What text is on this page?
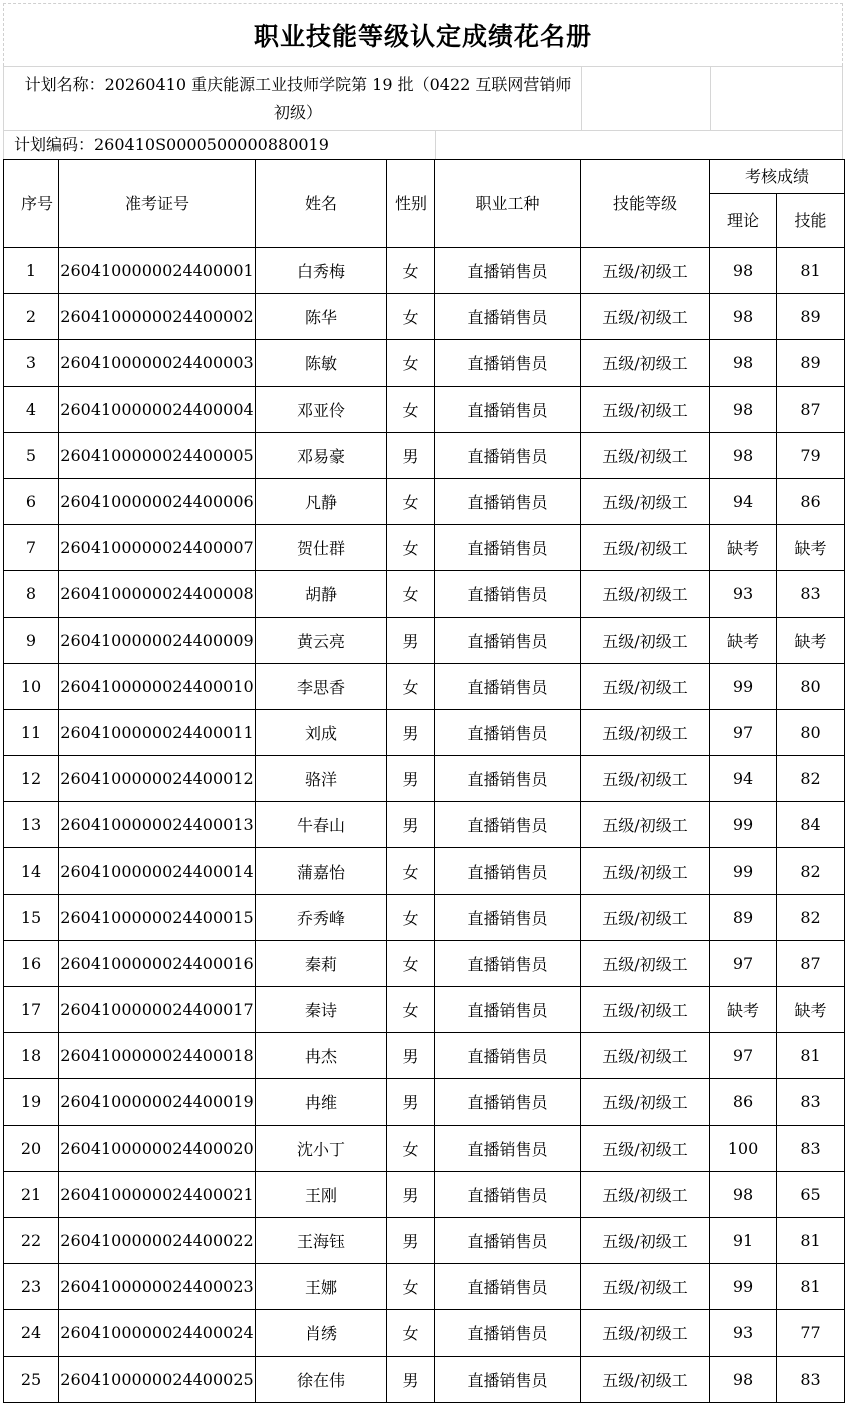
职业技能等级认定成绩花名册
计划名称：20260410 重庆能源工业技师学院第 19 批（0422 互联网营销师初级）
计划编码：260410S000050000088001​9
序号	准考证号	姓名	性别	职业工种	技能等级	考核成绩	
						理论	技能
1	2604100000024400001	白秀梅	女	直播销售员	五级/初级工	98	81
2	2604100000024400002	陈华	女	直播销售员	五级/初级工	98	89
3	2604100000024400003	陈敏	女	直播销售员	五级/初级工	98	89
4	2604100000024400004	邓亚伶	女	直播销售员	五级/初级工	98	87
5	2604100000024400005	邓易豪	男	直播销售员	五级/初级工	98	79
6	2604100000024400006	凡静	女	直播销售员	五级/初级工	94	86
7	2604100000024400007	贺仕群	女	直播销售员	五级/初级工	缺考	缺考
8	2604100000024400008	胡静	女	直播销售员	五级/初级工	93	83
9	2604100000024400009	黄云亮	男	直播销售员	五级/初级工	缺考	缺考
10	2604100000024400010	李思香	女	直播销售员	五级/初级工	99	80
11	2604100000024400011	刘成	男	直播销售员	五级/初级工	97	80
12	2604100000024400012	骆洋	男	直播销售员	五级/初级工	94	82
13	2604100000024400013	牛春山	男	直播销售员	五级/初级工	99	84
14	2604100000024400014	蒲嘉怡	女	直播销售员	五级/初级工	99	82
15	2604100000024400015	乔秀峰	女	直播销售员	五级/初级工	89	82
16	2604100000024400016	秦莉	女	直播销售员	五级/初级工	97	87
17	2604100000024400017	秦诗	女	直播销售员	五级/初级工	缺考	缺考
18	2604100000024400018	冉杰	男	直播销售员	五级/初级工	97	81
19	2604100000024400019	冉维	男	直播销售员	五级/初级工	86	83
20	2604100000024400020	沈小丁	女	直播销售员	五级/初级工	100	83
21	2604100000024400021	王刚	男	直播销售员	五级/初级工	98	65
22	2604100000024400022	王海钰	男	直播销售员	五级/初级工	91	81
23	2604100000024400023	王娜	女	直播销售员	五级/初级工	99	81
24	2604100000024400024	肖绣	女	直播销售员	五级/初级工	93	77
25	2604100000024400025	徐在伟	男	直播销售员	五级/初级工	98	83
